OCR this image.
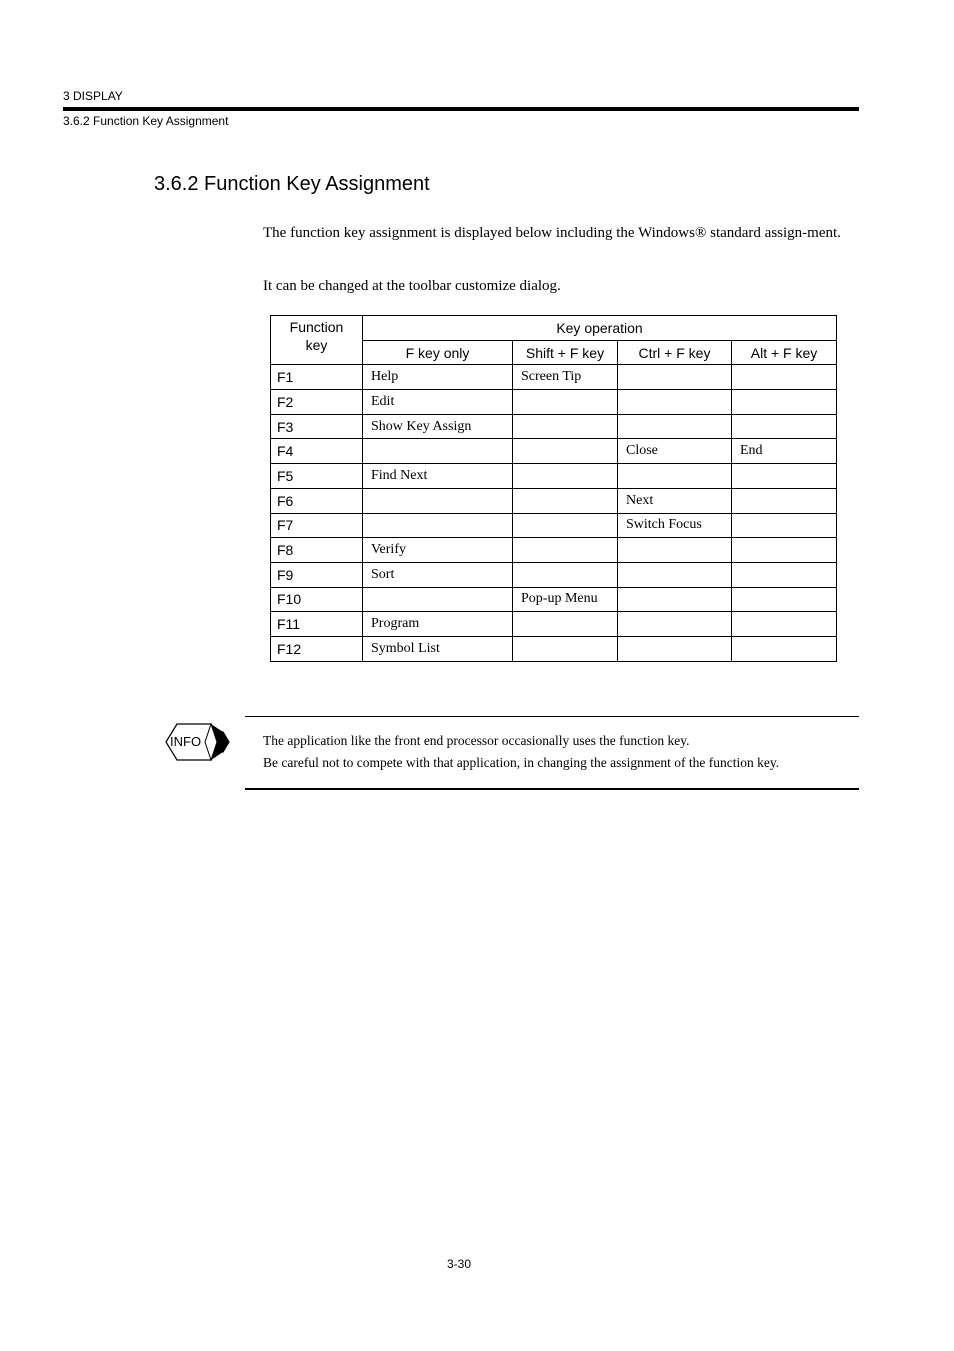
3 DISPLAY
3.6.2 Function Key Assignment
3.6.2 Function Key Assignment

The function key assignment is displayed below including the Windows® standard assign-ment.

It can be changed at the toolbar customize dialog.

Function key	Key operation			
	F key only	Shift + F key	Ctrl + F key	Alt + F key
F1	Help	Screen Tip		
F2	Edit			
F3	Show Key Assign			
F4			Close	End
F5	Find Next			
F6			Next	
F7			Switch Focus	
F8	Verify			
F9	Sort			
F10		Pop-up Menu		
F11	Program			
F12	Symbol List			
INFO	The application like the front end processor occasionally uses the function key.

Be careful not to compete with that application, in changing the assignment of the function key.

3-30
